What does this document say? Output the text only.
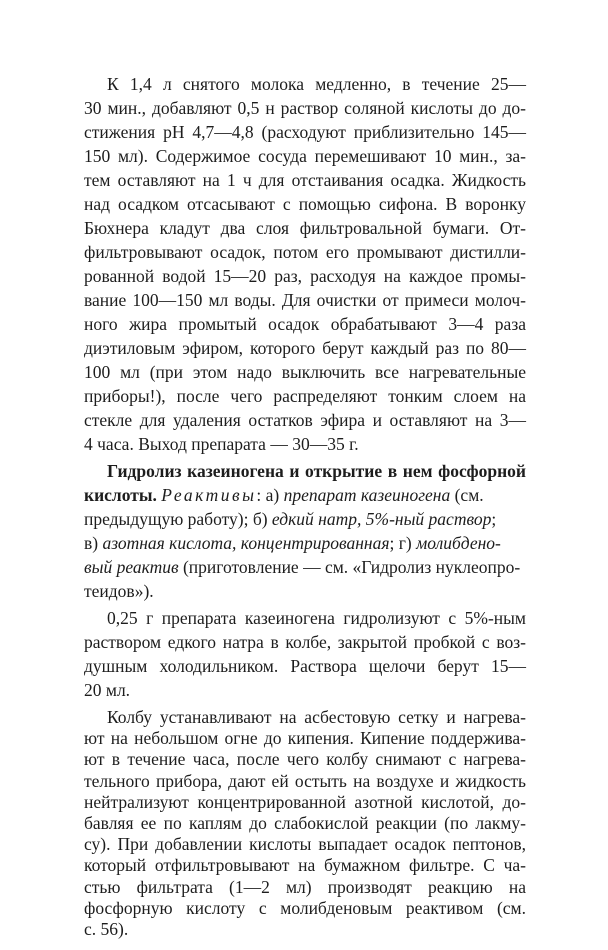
К 1,4 л снятого молока медленно, в течение 25—
30 мин., добавляют 0,5 н раствор соляной кислоты до до-
стижения pH 4,7—4,8 (расходуют приблизительно 145—
150 мл). Содержимое сосуда перемешивают 10 мин., за-
тем оставляют на 1 ч для отстаивания осадка. Жидкость
над осадком отсасывают с помощью сифона. В воронку
Бюхнера кладут два слоя фильтровальной бумаги. От-
фильтровывают осадок, потом его промывают дистилли-
рованной водой 15—20 раз, расходуя на каждое промы-
вание 100—150 мл воды. Для очистки от примеси молоч-
ного жира промытый осадок обрабатывают 3—4 раза
диэтиловым эфиром, которого берут каждый раз по 80—
100 мл (при этом надо выключить все нагревательные
приборы!), после чего распределяют тонким слоем на
стекле для удаления остатков эфира и оставляют на 3—
4 часа. Выход препарата — 30—35 г.
Гидролиз казеиногена и открытие в нем фосфорной
кислоты. Реактивы: а) препарат казеиногена (см.
предыдущую работу); б) едкий натр, 5%-ный раствор;
в) азотная кислота, концентрированная; г) молибдено-
вый реактив (приготовление — см. «Гидролиз нуклеопро-
теидов»).
0,25 г препарата казеиногена гидролизуют с 5%-ным
раствором едкого натра в колбе, закрытой пробкой с воз-
душным холодильником. Раствора щелочи берут 15—
20 мл.
Колбу устанавливают на асбестовую сетку и нагрева-
ют на небольшом огне до кипения. Кипение поддержива-
ют в течение часа, после чего колбу снимают с нагрева-
тельного прибора, дают ей остыть на воздухе и жидкость
нейтрализуют концентрированной азотной кислотой, до-
бавляя ее по каплям до слабокислой реакции (по лакму-
су). При добавлении кислоты выпадает осадок пептонов,
который отфильтровывают на бумажном фильтре. С ча-
стью фильтрата (1—2 мл) производят реакцию на
фосфорную кислоту с молибденовым реактивом (см.
с. 56).
